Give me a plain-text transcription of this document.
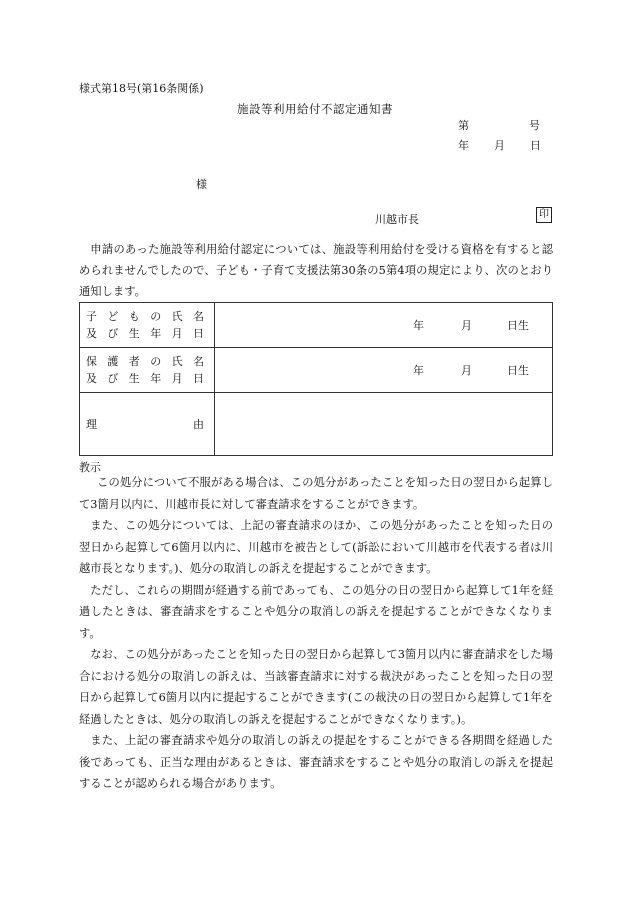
様式第18号(第16条関係)
施設等利用給付不認定通知書
第	号
年 月 日
様
川越市長	印

申請のあった施設等利用給付認定については、施設等利用給付を受ける資格を有すると認められませんでしたので、子ども・子育て支援法第30条の5第4項の規定により、次のとおり通知します。

子どもの氏名
及び生年月日	年 月 日生

保護者の氏名
及び生年月日	年 月 日生

理 由	

教示

この処分について不服がある場合は、この処分があったことを知った日の翌日から起算して3箇月以内に、川越市長に対して審査請求をすることができます。

また、この処分については、上記の審査請求のほか、この処分があったことを知った日の翌日から起算して6箇月以内に、川越市を被告として(訴訟において川越市を代表する者は川越市長となります。)、処分の取消しの訴えを提起することができます。

ただし、これらの期間が経過する前であっても、この処分の日の翌日から起算して1年を経過したときは、審査請求をすることや処分の取消しの訴えを提起することができなくなります。

なお、この処分があったことを知った日の翌日から起算して3箇月以内に審査請求をした場合における処分の取消しの訴えは、当該審査請求に対する裁決があったことを知った日の翌日から起算して6箇月以内に提起することができます(この裁決の日の翌日から起算して1年を経過したときは、処分の取消しの訴えを提起することができなくなります。)。

また、上記の審査請求や処分の取消しの訴えの提起をすることができる各期間を経過した後であっても、正当な理由があるときは、審査請求をすることや処分の取消しの訴えを提起することが認められる場合があります。
